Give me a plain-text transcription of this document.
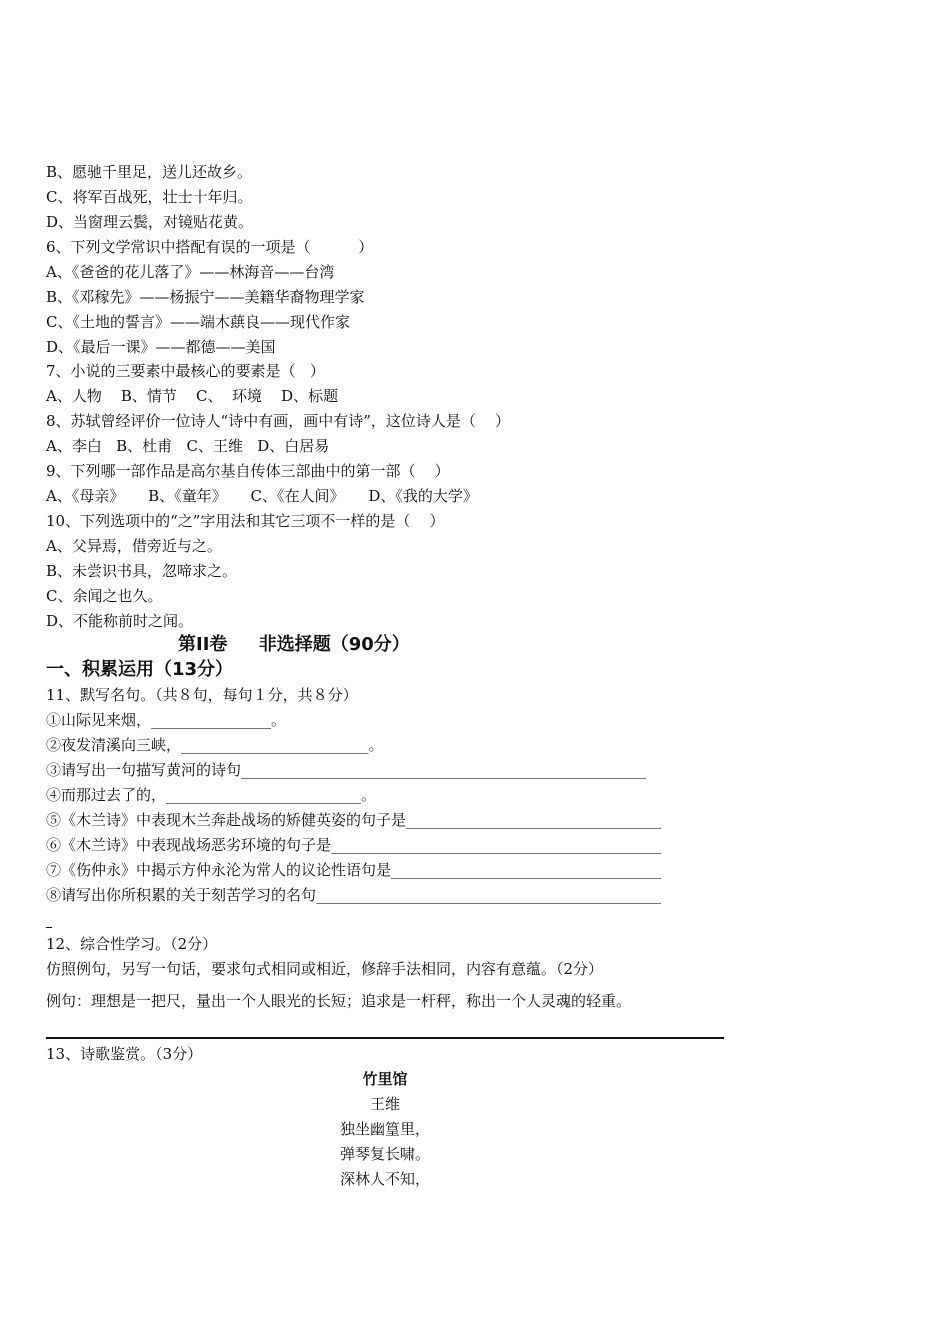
B、愿驰千里足，送儿还故乡。
C、将军百战死，壮士十年归。
D、当窗理云鬓，对镜贴花黄。
6、下列文学常识中搭配有误的一项是（          ）
A、《爸爸的花儿落了》——林海音——台湾
B、《邓稼先》——杨振宁——美籍华裔物理学家
C、《土地的誓言》——端木蕻良——现代作家
D、《最后一课》——都德——美国
7、小说的三要素中最核心的要素是（   ）
A、人物    B、情节    C、  环境    D、标题
8、苏轼曾经评价一位诗人“诗中有画，画中有诗”，这位诗人是（    ）
A、李白   B、杜甫   C、王维   D、白居易
9、下列哪一部作品是高尔基自传体三部曲中的第一部（    ）
A、《母亲》     B、《童年》     C、《在人间》     D、《我的大学》
10、下列选项中的“之”字用法和其它三项不一样的是（    ）
A、父异焉，借旁近与之。
B、未尝识书具，忽啼求之。
C、余闻之也久。
D、不能称前时之闻。
第II卷     非选择题（90分）
一、积累运用（13分）
11、默写名句。（共８句，每句１分，共８分）
①山际见来烟，________________。
②夜发清溪向三峡，_________________________。
③请写出一句描写黄河的诗句______________________________________________________
④而那过去了的，__________________________。
⑤《木兰诗》中表现木兰奔赴战场的矫健英姿的句子是__________________________________
⑥《木兰诗》中表现战场恶劣环境的句子是____________________________________________
⑦《伤仲永》中揭示方仲永沦为常人的议论性语句是____________________________________
⑧请写出你所积累的关于刻苦学习的名句______________________________________________
12、综合性学习。（2分）
仿照例句，另写一句话，要求句式相同或相近，修辞手法相同，内容有意蕴。（2分）
例句：理想是一把尺，量出一个人眼光的长短；追求是一杆秤，称出一个人灵魂的轻重。
13、诗歌鉴赏。（3分）
竹里馆
王维
独坐幽篁里，
弹琴复长啸。
深林人不知，
